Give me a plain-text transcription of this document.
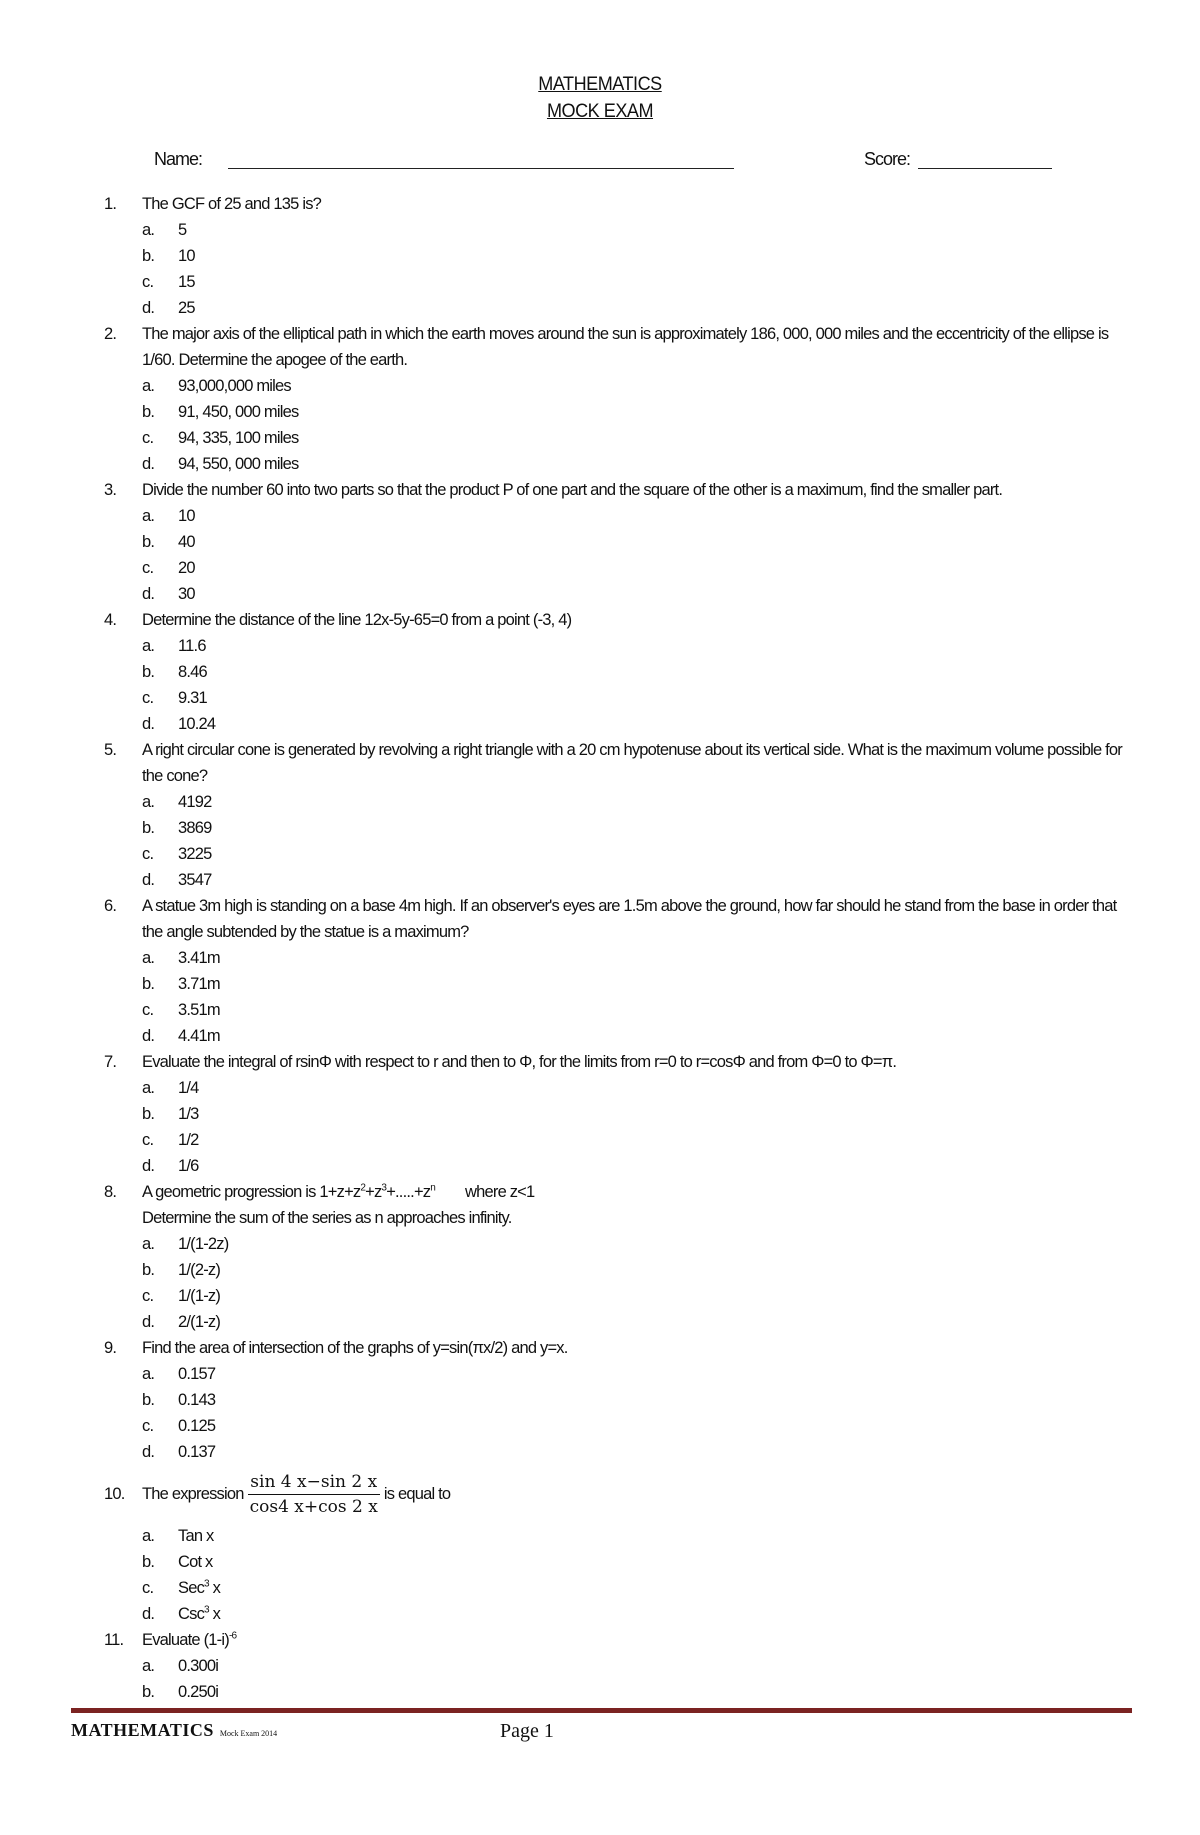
MATHEMATICS
MOCK EXAM
Name:	Score:
1.	The GCF of 25 and 135 is?
a.	5
b.	10
c.	15
d.	25
2.	The major axis of the elliptical path in which the earth moves around the sun is approximately 186, 000, 000 miles and the eccentricity of the ellipse is 1/60. Determine the apogee of the earth.
a.	93,000,000 miles
b.	91, 450, 000 miles
c.	94, 335, 100 miles
d.	94, 550, 000 miles
3.	Divide the number 60 into two parts so that the product P of one part and the square of the other is a maximum, find the smaller part.
a.	10
b.	40
c.	20
d.	30
4.	Determine the distance of the line 12x-5y-65=0 from a point (-3, 4)
a.	11.6
b.	8.46
c.	9.31
d.	10.24
5.	A right circular cone is generated by revolving a right triangle with a 20 cm hypotenuse about its vertical side. What is the maximum volume possible for the cone?
a.	4192
b.	3869
c.	3225
d.	3547
6.	A statue 3m high is standing on a base 4m high. If an observer's eyes are 1.5m above the ground, how far should he stand from the base in order that the angle subtended by the statue is a maximum?
a.	3.41m
b.	3.71m
c.	3.51m
d.	4.41m
7.	Evaluate the integral of rsinΦ with respect to r and then to Φ, for the limits from r=0 to r=cosΦ and from Φ=0 to Φ=π.
a.	1/4
b.	1/3
c.	1/2
d.	1/6
8.	A geometric progression is $1+z+z^2+z^3+.....+z^n$ where z<1
Determine the sum of the series as n approaches infinity.
a.	1/(1-2z)
b.	1/(2-z)
c.	1/(1-z)
d.	2/(1-z)
9.	Find the area of intersection of the graphs of y=sin(πx/2) and y=x.
a.	0.157
b.	0.143
c.	0.125
d.	0.137
10.	The expression $\frac{\sin 4 x-\sin 2 x}{\cos 4 x+\cos 2 x}$ is equal to
a.	Tan x
b.	Cot x
c.	Sec$^3$ x
d.	Csc$^3$ x
11.	Evaluate $(1-i)^{-6}$
a.	0.300i
b.	0.250i
MATHEMATICS Mock Exam 2014	Page 1
